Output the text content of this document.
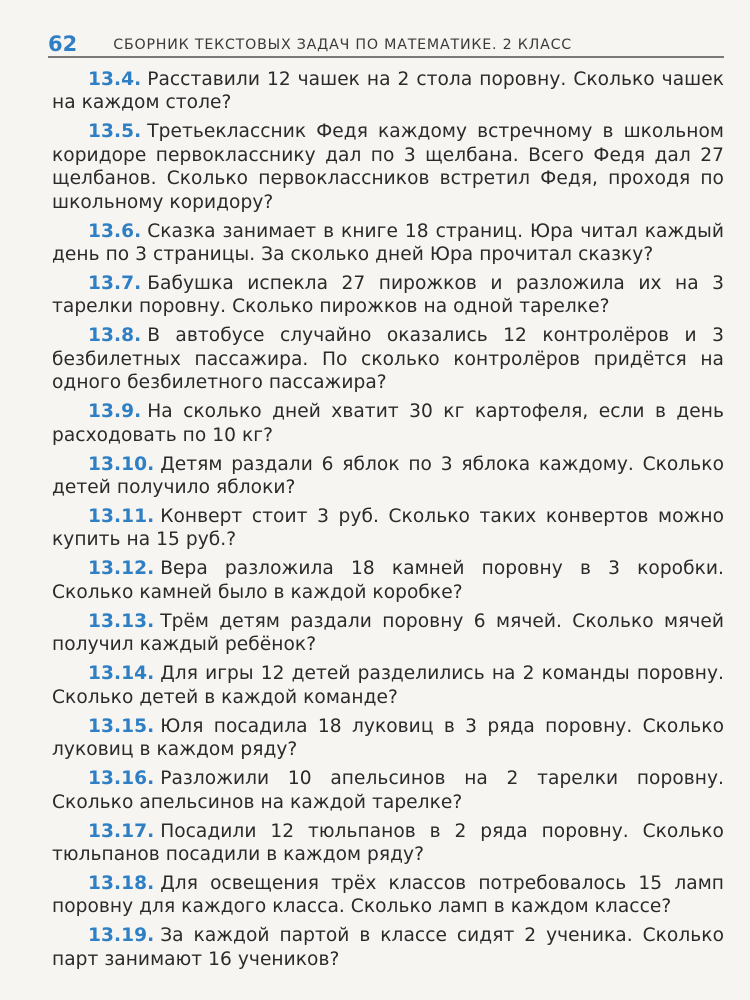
62	СБОРНИК ТЕКСТОВЫХ ЗАДАЧ ПО МАТЕМАТИКЕ. 2 КЛАСС

13.4. Расставили 12 чашек на 2 стола поровну. Сколько чашек на каждом столе?

13.5. Третьеклассник Федя каждому встречному в школьном коридоре первокласснику дал по 3 щелбана. Всего Федя дал 27 щелбанов. Сколько первоклассников встретил Федя, проходя по школьному коридору?

13.6. Сказка занимает в книге 18 страниц. Юра читал каждый день по 3 страницы. За сколько дней Юра прочитал сказку?

13.7. Бабушка испекла 27 пирожков и разложила их на 3 тарелки поровну. Сколько пирожков на одной тарелке?

13.8. В автобусе случайно оказались 12 контролёров и 3 безбилетных пассажира. По сколько контролёров придётся на одного безбилетного пассажира?

13.9. На сколько дней хватит 30 кг картофеля, если в день расходовать по 10 кг?

13.10. Детям раздали 6 яблок по 3 яблока каждому. Сколько детей получило яблоки?

13.11. Конверт стоит 3 руб. Сколько таких конвертов можно купить на 15 руб.?

13.12. Вера разложила 18 камней поровну в 3 коробки. Сколько камней было в каждой коробке?

13.13. Трём детям раздали поровну 6 мячей. Сколько мячей получил каждый ребёнок?

13.14. Для игры 12 детей разделились на 2 команды поровну. Сколько детей в каждой команде?

13.15. Юля посадила 18 луковиц в 3 ряда поровну. Сколько луковиц в каждом ряду?

13.16. Разложили 10 апельсинов на 2 тарелки поровну. Сколько апельсинов на каждой тарелке?

13.17. Посадили 12 тюльпанов в 2 ряда поровну. Сколько тюльпанов посадили в каждом ряду?

13.18. Для освещения трёх классов потребовалось 15 ламп поровну для каждого класса. Сколько ламп в каждом классе?

13.19. За каждой партой в классе сидят 2 ученика. Сколько парт занимают 16 учеников?
